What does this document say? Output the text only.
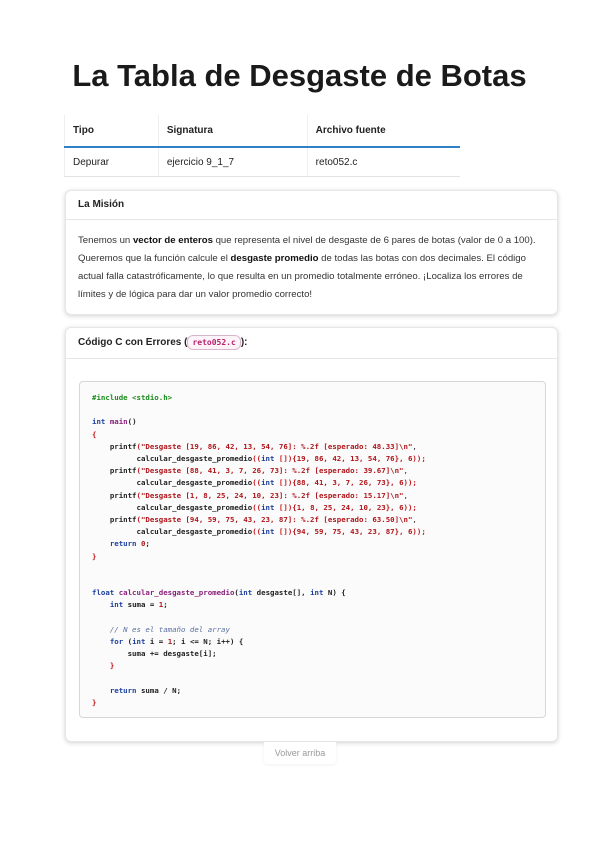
La Tabla de Desgaste de Botas
Tipo	Signatura	Archivo fuente
Depurar	ejercicio 9_1_7	reto052.c
La Misión
Tenemos un vector de enteros que representa el nivel de desgaste de 6 pares de botas (valor de 0 a 100). Queremos que la función calcule el desgaste promedio de todas las botas con dos decimales. El código actual falla catastróficamente, lo que resulta en un promedio totalmente erróneo. ¡Localiza los errores de límites y de lógica para dar un valor promedio correcto!
Código C con Errores ( reto052.c ):
#include <stdio.h>

int main()
{
printf("Desgaste [19, 86, 42, 13, 54, 76]: %.2f [esperado: 48.33]\n",
calcular_desgaste_promedio((int []){19, 86, 42, 13, 54, 76}, 6));
printf("Desgaste [88, 41, 3, 7, 26, 73]: %.2f [esperado: 39.67]\n",
calcular_desgaste_promedio((int []){88, 41, 3, 7, 26, 73}, 6));
printf("Desgaste [1, 8, 25, 24, 10, 23]: %.2f [esperado: 15.17]\n",
calcular_desgaste_promedio((int []){1, 8, 25, 24, 10, 23}, 6));
printf("Desgaste [94, 59, 75, 43, 23, 87]: %.2f [esperado: 63.50]\n",
calcular_desgaste_promedio((int []){94, 59, 75, 43, 23, 87}, 6));
return 0;
}

float calcular_desgaste_promedio(int desgaste[], int N) {
int suma = 1;

// N es el tamaño del array
for (int i = 1; i <= N; i++) {
suma += desgaste[i];
}

return suma / N;
}

Volver arriba
